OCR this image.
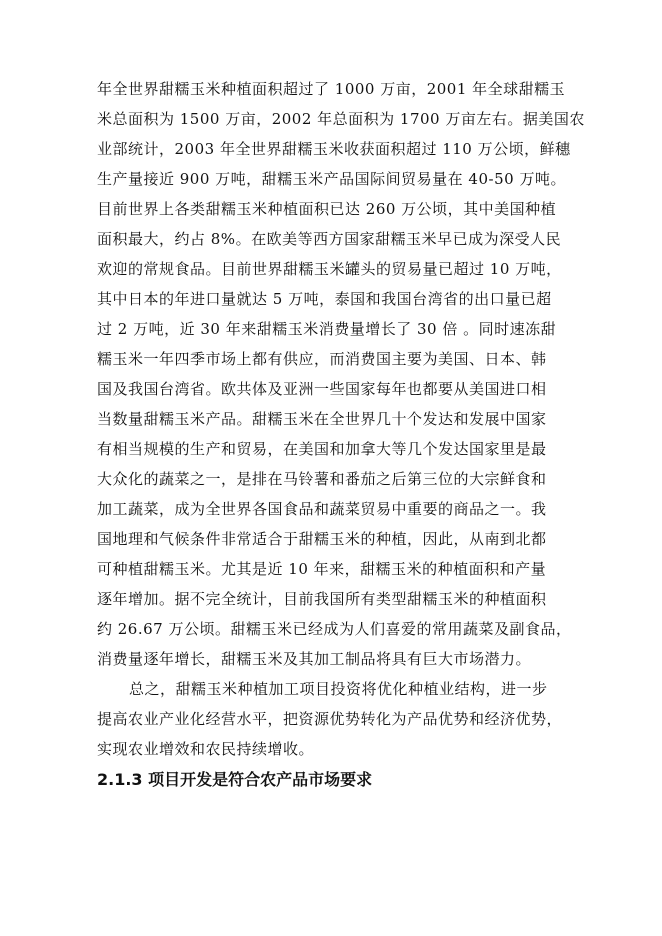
年全世界甜糯玉米种植面积超过了 1000 万亩，2001 年全球甜糯玉
米总面积为 1500 万亩，2002 年总面积为 1700 万亩左右。据美国农
业部统计，2003 年全世界甜糯玉米收获面积超过 110 万公顷，鲜穗
生产量接近 900 万吨，甜糯玉米产品国际间贸易量在 40-50 万吨。
目前世界上各类甜糯玉米种植面积已达 260 万公顷，其中美国种植
面积最大，约占 8%。在欧美等西方国家甜糯玉米早已成为深受人民
欢迎的常规食品。目前世界甜糯玉米罐头的贸易量已超过 10 万吨，
其中日本的年进口量就达 5 万吨，泰国和我国台湾省的出口量已超
过 2 万吨，近 30 年来甜糯玉米消费量增长了 30 倍 。同时速冻甜
糯玉米一年四季市场上都有供应，而消费国主要为美国、日本、韩
国及我国台湾省。欧共体及亚洲一些国家每年也都要从美国进口相
当数量甜糯玉米产品。甜糯玉米在全世界几十个发达和发展中国家
有相当规模的生产和贸易，在美国和加拿大等几个发达国家里是最
大众化的蔬菜之一，是排在马铃薯和番茄之后第三位的大宗鲜食和
加工蔬菜，成为全世界各国食品和蔬菜贸易中重要的商品之一。我
国地理和气候条件非常适合于甜糯玉米的种植，因此，从南到北都
可种植甜糯玉米。尤其是近 10 年来，甜糯玉米的种植面积和产量
逐年增加。据不完全统计，目前我国所有类型甜糯玉米的种植面积
约 26.67 万公顷。甜糯玉米已经成为人们喜爱的常用蔬菜及副食品，
消费量逐年增长，甜糯玉米及其加工制品将具有巨大市场潜力。
总之，甜糯玉米种植加工项目投资将优化种植业结构，进一步
提高农业产业化经营水平，把资源优势转化为产品优势和经济优势，
实现农业增效和农民持续增收。
2.1.3 项目开发是符合农产品市场要求
